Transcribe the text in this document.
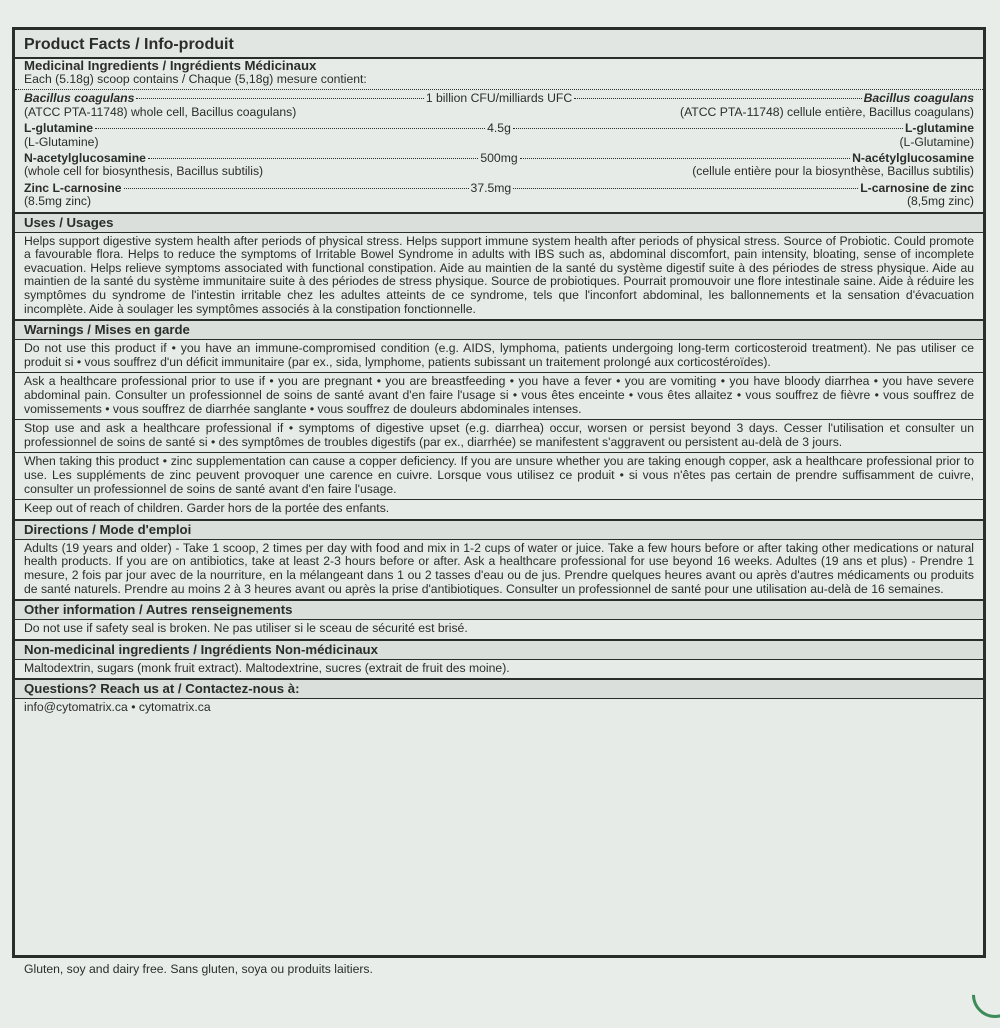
Product Facts / Info-produit
Medicinal Ingredients / Ingrédients Médicinaux
Each (5.18g) scoop contains / Chaque (5,18g) mesure contient:
Bacillus coagulans	1 billion CFU/milliards UFC	Bacillus coagulans
(ATCC PTA-11748) whole cell, Bacillus coagulans)	(ATCC PTA-11748) cellule entière, Bacillus coagulans)
L-glutamine	4.5g	L-glutamine
(L-Glutamine)	(L-Glutamine)
N-acetylglucosamine	500mg	N-acétylglucosamine
(whole cell for biosynthesis, Bacillus subtilis)	(cellule entière pour la biosynthèse, Bacillus subtilis)
Zinc L-carnosine	37.5mg	L-carnosine de zinc
(8.5mg zinc)	(8,5mg zinc)
Uses / Usages
Helps support digestive system health after periods of physical stress. Helps support immune system health after periods of physical stress. Source of Probiotic. Could promote a favourable flora. Helps to reduce the symptoms of Irritable Bowel Syndrome in adults with IBS such as, abdominal discomfort, pain intensity, bloating, sense of incomplete evacuation. Helps relieve symptoms associated with functional constipation. Aide au maintien de la santé du système digestif suite à des périodes de stress physique. Aide au maintien de la santé du système immunitaire suite à des périodes de stress physique. Source de probiotiques. Pourrait promouvoir une flore intestinale saine. Aide à réduire les symptômes du syndrome de l'intestin irritable chez les adultes atteints de ce syndrome, tels que l'inconfort abdominal, les ballonnements et la sensation d'évacuation incomplète. Aide à soulager les symptômes associés à la constipation fonctionnelle.
Warnings / Mises en garde
Do not use this product if • you have an immune-compromised condition (e.g. AIDS, lymphoma, patients undergoing long-term corticosteroid treatment). Ne pas utiliser ce produit si • vous souffrez d'un déficit immunitaire (par ex., sida, lymphome, patients subissant un traitement prolongé aux corticostéroïdes).
Ask a healthcare professional prior to use if • you are pregnant • you are breastfeeding • you have a fever • you are vomiting • you have bloody diarrhea • you have severe abdominal pain. Consulter un professionnel de soins de santé avant d'en faire l'usage si • vous êtes enceinte • vous êtes allaitez • vous souffrez de fièvre • vous souffrez de vomissements • vous souffrez de diarrhée sanglante • vous souffrez de douleurs abdominales intenses.
Stop use and ask a healthcare professional if • symptoms of digestive upset (e.g. diarrhea) occur, worsen or persist beyond 3 days. Cesser l'utilisation et consulter un professionnel de soins de santé si • des symptômes de troubles digestifs (par ex., diarrhée) se manifestent s'aggravent ou persistent au-delà de 3 jours.
When taking this product • zinc supplementation can cause a copper deficiency. If you are unsure whether you are taking enough copper, ask a healthcare professional prior to use. Les suppléments de zinc peuvent provoquer une carence en cuivre. Lorsque vous utilisez ce produit • si vous n'êtes pas certain de prendre suffisamment de cuivre, consulter un professionnel de soins de santé avant d'en faire l'usage.
Keep out of reach of children. Garder hors de la portée des enfants.
Directions / Mode d'emploi
Adults (19 years and older) - Take 1 scoop, 2 times per day with food and mix in 1-2 cups of water or juice. Take a few hours before or after taking other medications or natural health products. If you are on antibiotics, take at least 2-3 hours before or after. Ask a healthcare professional for use beyond 16 weeks. Adultes (19 ans et plus) - Prendre 1 mesure, 2 fois par jour avec de la nourriture, en la mélangeant dans 1 ou 2 tasses d'eau ou de jus. Prendre quelques heures avant ou après d'autres médicaments ou produits de santé naturels. Prendre au moins 2 à 3 heures avant ou après la prise d'antibiotiques. Consulter un professionnel de santé pour une utilisation au-delà de 16 semaines.
Other information / Autres renseignements
Do not use if safety seal is broken. Ne pas utiliser si le sceau de sécurité est brisé.
Non-medicinal ingredients / Ingrédients Non-médicinaux
Maltodextrin, sugars (monk fruit extract). Maltodextrine, sucres (extrait de fruit des moine).
Questions? Reach us at / Contactez-nous à:
info@cytomatrix.ca • cytomatrix.ca
Gluten, soy and dairy free. Sans gluten, soya ou produits laitiers.
